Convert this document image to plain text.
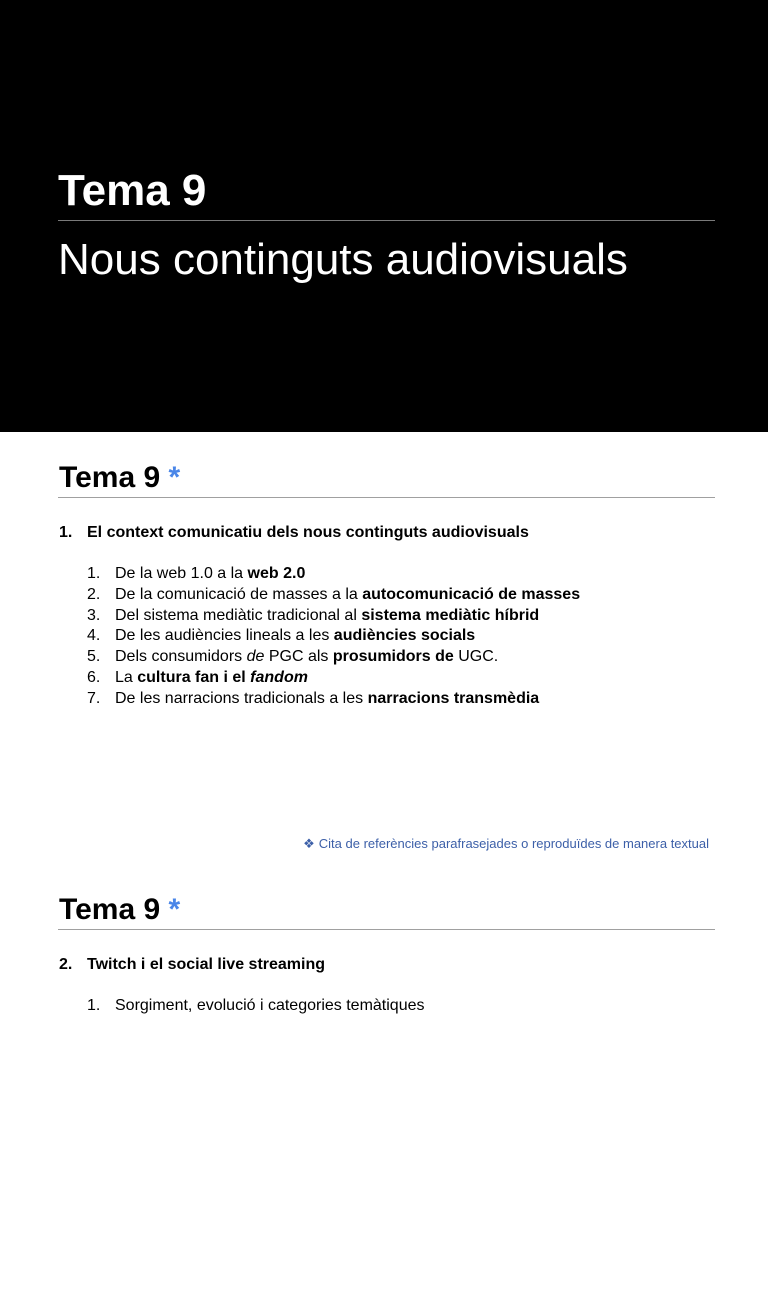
Tema 9
Nous continguts audiovisuals
Tema 9 *
1. El context comunicatiu dels nous continguts audiovisuals
1. De la web 1.0 a la web 2.0
2. De la comunicació de masses a la autocomunicació de masses
3. Del sistema mediàtic tradicional al sistema mediàtic híbrid
4. De les audiències lineals a les audiències socials
5. Dels consumidors de PGC als prosumidors de UGC.
6. La cultura fan i el fandom
7. De les narracions tradicionals a les narracions transmèdia
❖ Cita de referències parafrasejades o reproduïdes de manera textual
Tema 9 *
2. Twitch i el social live streaming
1. Sorgiment, evolució i categories temàtiques
